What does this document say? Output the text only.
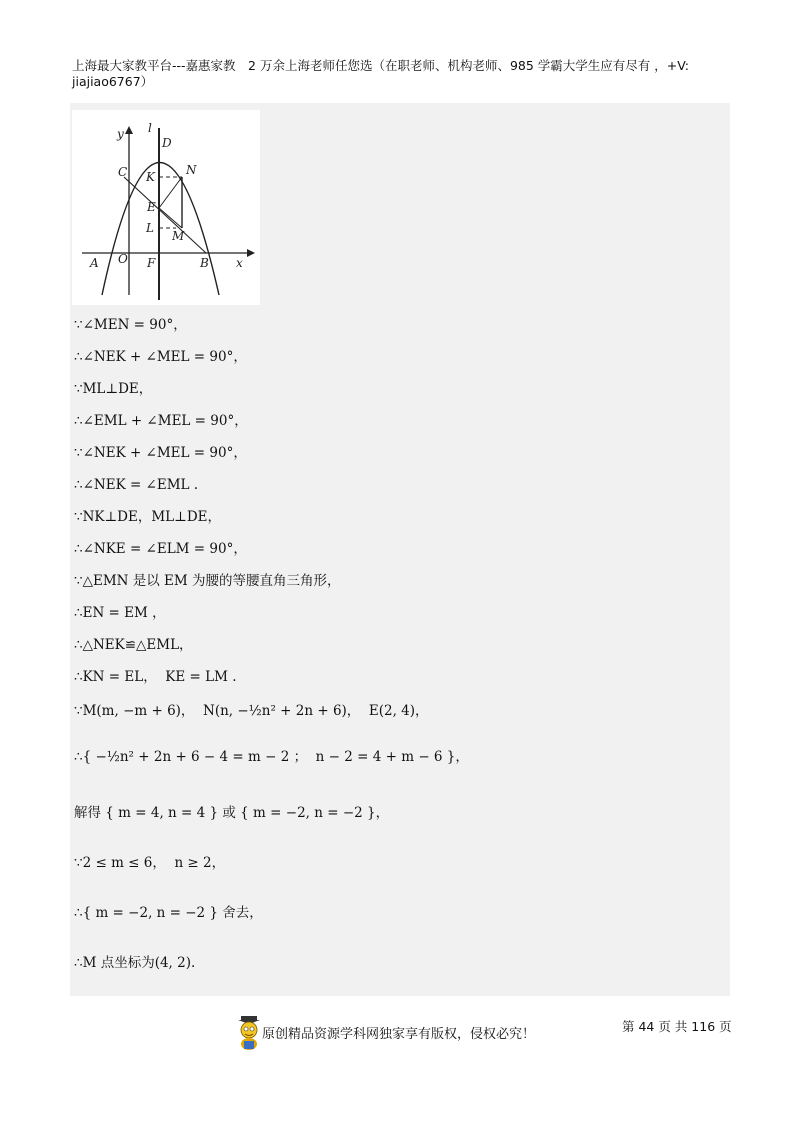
上海最大家教平台---嘉惠家教　2 万余上海老师任您选（在职老师、机构老师、985 学霸大学生应有尽有 ，+V: jiajiao6767）
y l
D
C	N
K
E
L
M
A O F	B x
∵∠MEN = 90°，
∴∠NEK + ∠MEL = 90°，
∵ML⊥DE，
∴∠EML + ∠MEL = 90°，
∵∠NEK + ∠MEL = 90°，
∴∠NEK = ∠EML .
∵NK⊥DE，ML⊥DE，
∴∠NKE = ∠ELM = 90°，
∵△EMN 是以 EM 为腰的等腰直角三角形，
∴EN = EM ，
∴△NEK≌△EML，
∴KN = EL，  KE = LM .
∵M(m, −m + 6)，  N(n, −½n² + 2n + 6)，  E(2, 4)，
∴{ −½n² + 2n + 6 − 4 = m − 2 ；  n − 2 = 4 + m − 6 }，
解得 { m = 4, n = 4 } 或 { m = −2, n = −2 }，
∵2 ≤ m ≤ 6，  n ≥ 2，
∴{ m = −2, n = −2 } 舍去，
∴M 点坐标为(4, 2).
原创精品资源学科网独家享有版权，侵权必究！
第 44 页 共 116 页
